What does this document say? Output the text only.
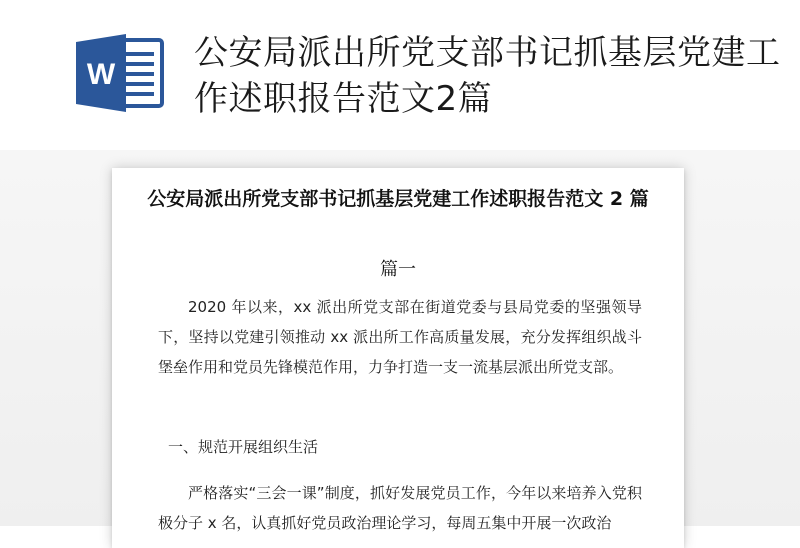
W
公安局派出所党支部书记抓基层党建工作述职报告范文2篇
公安局派出所党支部书记抓基层党建工作述职报告范文 2 篇
篇一
2020 年以来，xx 派出所党支部在街道党委与县局党委的坚强领导下，坚持以党建引领推动 xx 派出所工作高质量发展，充分发挥组织战斗堡垒作用和党员先锋模范作用，力争打造一支一流基层派出所党支部。
一、规范开展组织生活
严格落实“三会一课”制度，抓好发展党员工作，今年以来培养入党积极分子 x 名，认真抓好党员政治理论学习，每周五集中开展一次政治
